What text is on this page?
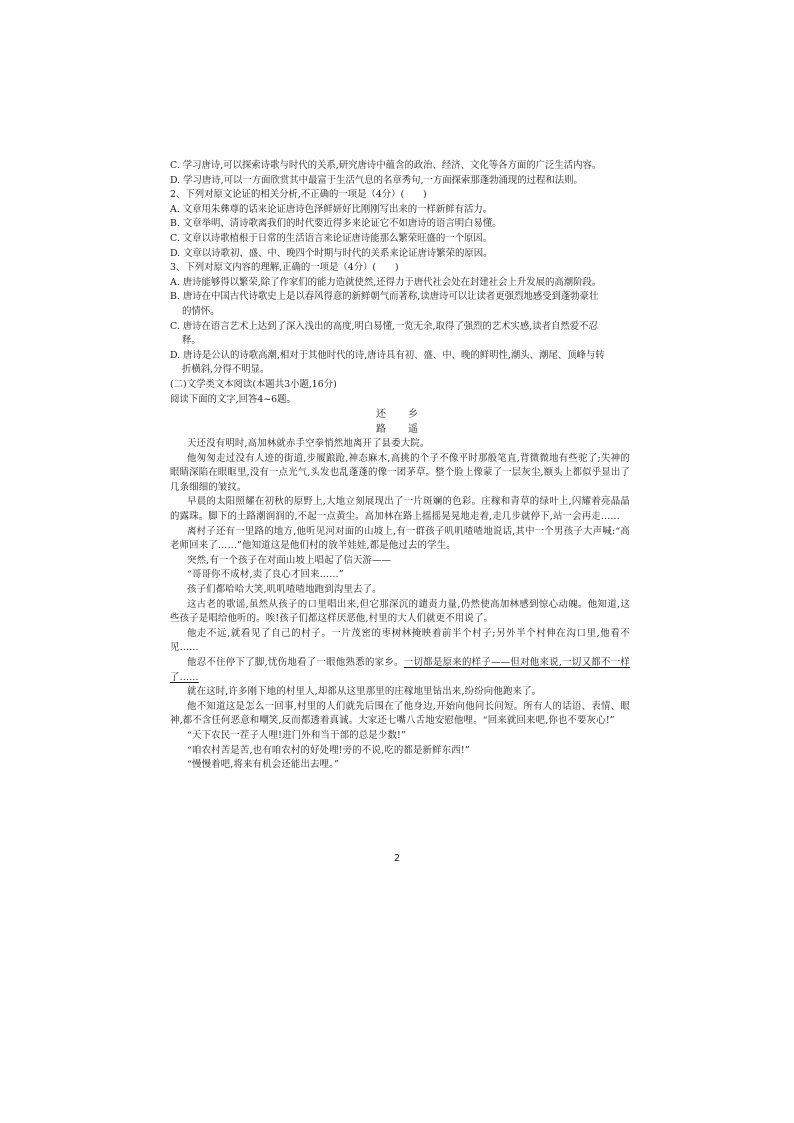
C. 学习唐诗,可以探索诗歌与时代的关系,研究唐诗中蕴含的政治、经济、文化等各方面的广泛生活内容。

D. 学习唐诗,可以一方面欣赏其中最富于生活气息的名章秀句,一方面探索那蓬勃涌现的过程和法则。

2、下列对原文论证的相关分析,不正确的一项是（4分）(　　)

A. 文章用朱彝尊的话来论证唐诗色泽鲜妍好比刚刚写出来的一样新鲜有活力。

B. 文章举明、清诗歌离我们的时代要近得多来论证它不如唐诗的语言明白易懂。

C. 文章以诗歌植根于日常的生活语言来论证唐诗能那么繁荣旺盛的一个原因。

D. 文章以诗歌初、盛、中、晚四个时期与时代的关系来论证唐诗繁荣的原因。

3、下列对原文内容的理解,正确的一项是（4分）(　　)

A. 唐诗能够得以繁荣,除了作家们的能力造就使然,还得力于唐代社会处在封建社会上升发展的高潮阶段。

B. 唐诗在中国古代诗歌史上是以春风得意的新鲜朝气而著称,读唐诗可以让读者更强烈地感受到蓬勃豪壮

的情怀。

C. 唐诗在语言艺术上达到了深入浅出的高度,明白易懂,一览无余,取得了强烈的艺术实感,读者自然爱不忍

释。

D. 唐诗是公认的诗歌高潮,相对于其他时代的诗,唐诗具有初、盛、中、晚的鲜明性,潮头、潮尾、顶峰与转

折横斜,分得不明显。

(二)文学类文本阅读(本题共3小题,16分)

阅读下面的文字,回答4~6题。

还　乡

路　遥

天还没有明时,高加林就赤手空拳悄然地离开了县委大院。

他匆匆走过没有人迹的街道,步履踉跄,神态麻木,高挑的个子不像平时那般笔直,背微微地有些驼了;失神的眼睛深陷在眼眶里,没有一点光气,头发也乱蓬蓬的像一团茅草。整个脸上像蒙了一层灰尘,额头上都似乎显出了几条细细的皱纹。

早晨的太阳照耀在初秋的原野上,大地立刻展现出了一片斑斓的色彩。庄稼和青草的绿叶上,闪耀着亮晶晶的露珠。脚下的土路潮润润的,不起一点黄尘。高加林在路上摇摇晃晃地走着,走几步就停下,站一会再走……

离村子还有一里路的地方,他听见河对面的山坡上,有一群孩子叽叽喳喳地说话,其中一个男孩子大声喊:“高老师回来了……”他知道这是他们村的放羊娃娃,都是他过去的学生。

突然,有一个孩子在对面山坡上唱起了信天游——

“哥哥你不成材,卖了良心才回来……”

孩子们都哈哈大笑,叽叽喳喳地跑到沟里去了。

这古老的歌谣,虽然从孩子的口里唱出来,但它那深沉的谴责力量,仍然使高加林感到惊心动魄。他知道,这些孩子是唱给他听的。唉!孩子们都这样厌恶他,村里的大人们就更不用说了。

他走不远,就看见了自己的村子。一片茂密的枣树林掩映着前半个村子;另外半个村伸在沟口里,他看不见……

他忍不住停下了脚,忧伤地看了一眼他熟悉的家乡。一切都是原来的样子——但对他来说,一切又都不一样了……

就在这时,许多刚下地的村里人,却都从这里那里的庄稼地里钻出来,纷纷向他跑来了。

他不知道这是怎么一回事,村里的人们就先后围在了他身边,开始向他问长问短。所有人的话语、表情、眼神,都不含任何恶意和嘲笑,反而都透着真诚。大家还七嘴八舌地安慰他哩。“回来就回来吧,你也不要灰心!”

“天下农民一茬子人哩!进门外和当干部的总是少数!”

“咱农村苦是苦,也有咱农村的好处哩!旁的不说,吃的都是新鲜东西!”

“慢慢着吧,将来有机会还能出去哩。”

2
